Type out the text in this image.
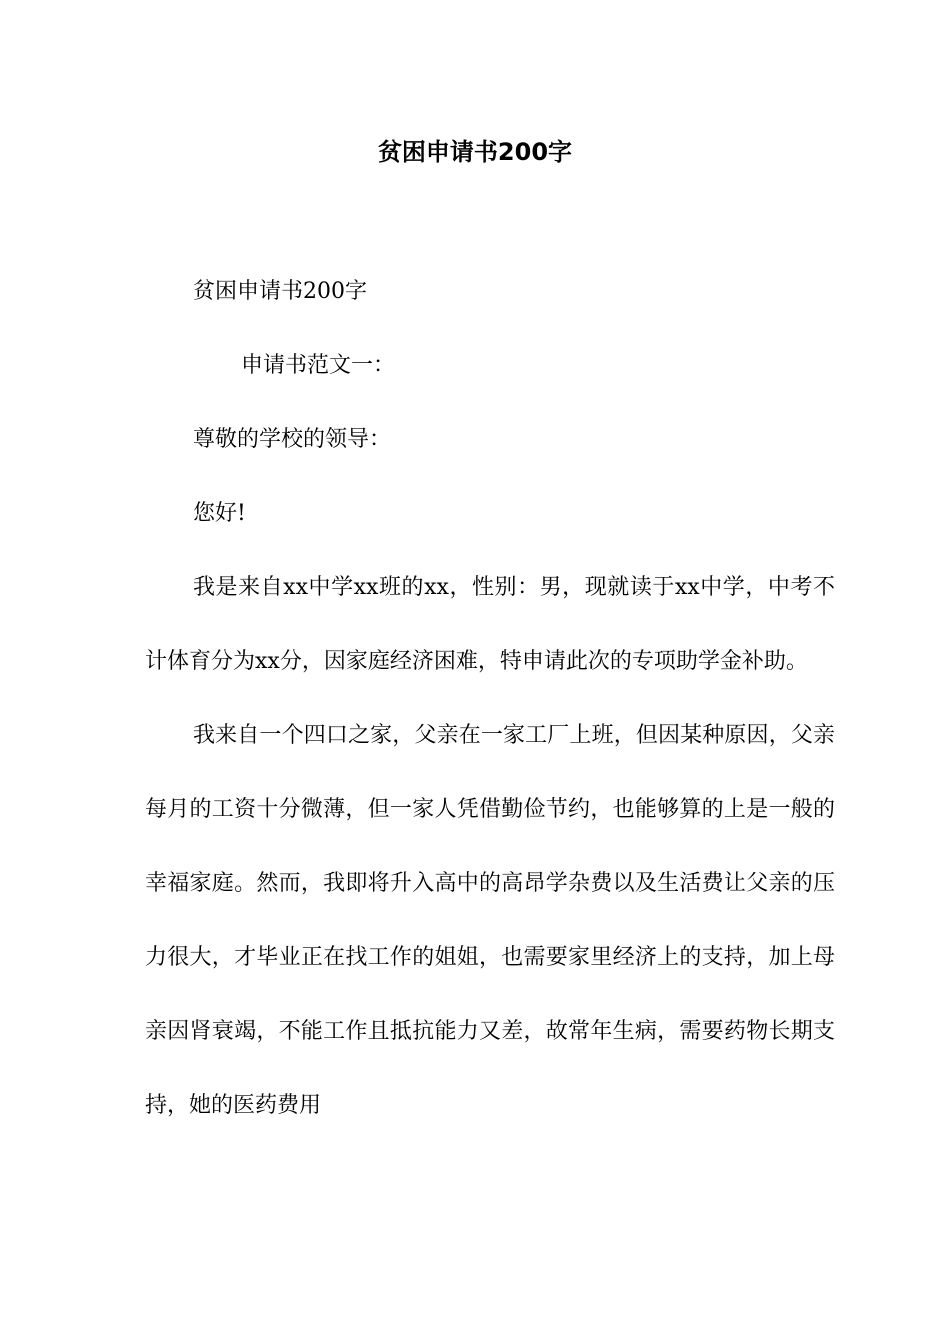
贫困申请书200字

贫困申请书200字

申请书范文一：

尊敬的学校的领导：

您好!

我是来自xx中学xx班的xx，性别：男，现就读于xx中学，中考不计体育分为xx分，因家庭经济困难，特申请此次的专项助学金补助。

我来自一个四口之家，父亲在一家工厂上班，但因某种原因，父亲每月的工资十分微薄，但一家人凭借勤俭节约，也能够算的上是一般的幸福家庭。然而，我即将升入高中的高昂学杂费以及生活费让父亲的压力很大，才毕业正在找工作的姐姐，也需要家里经济上的支持，加上母亲因肾衰竭，不能工作且抵抗能力又差，故常年生病，需要药物长期支持，她的医药费用
